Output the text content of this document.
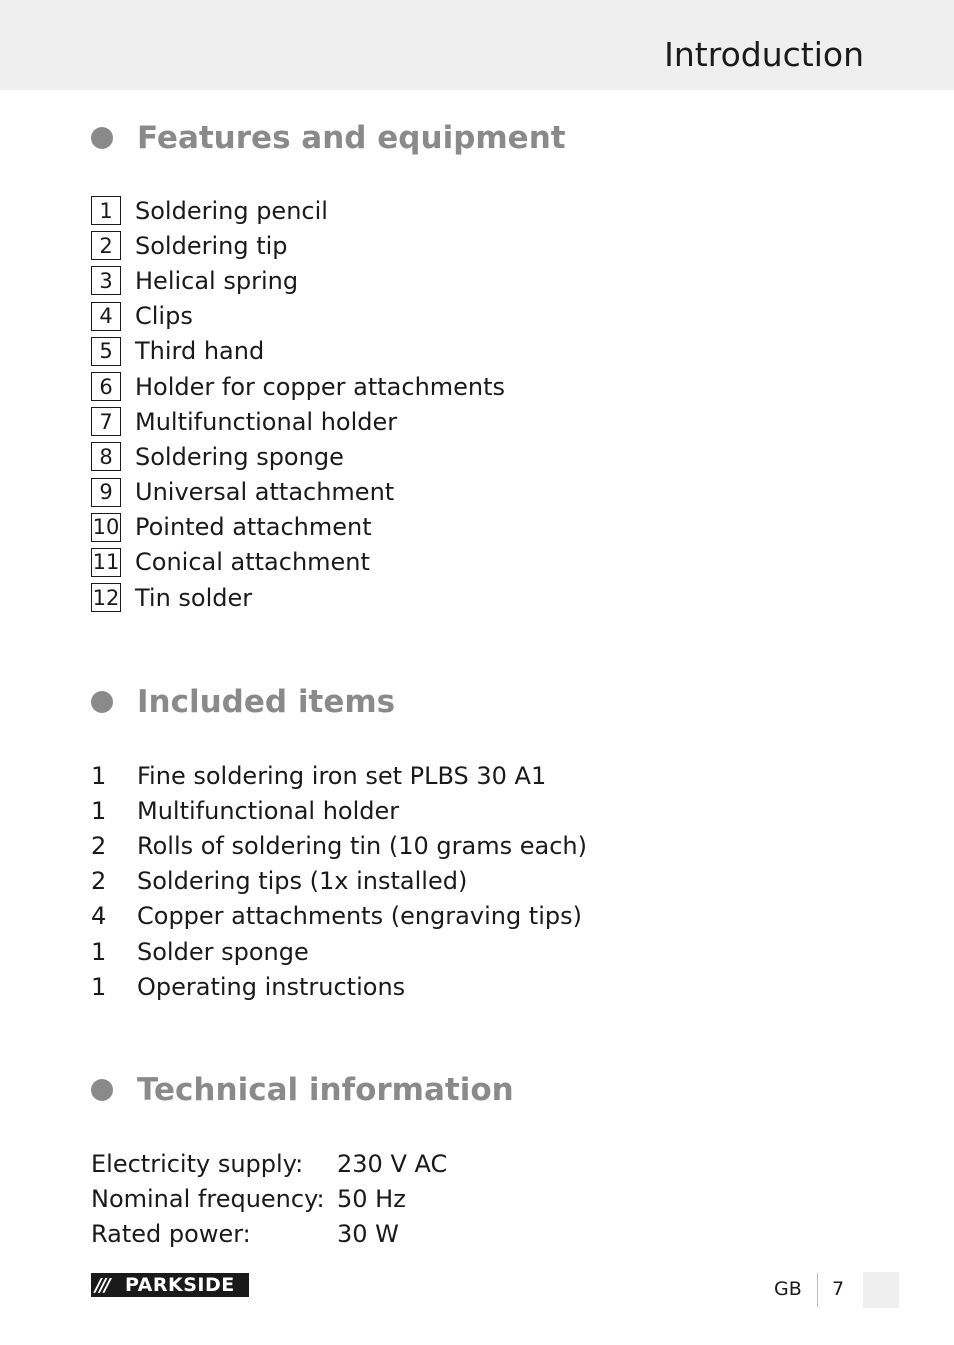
Introduction
Features and equipment
1 Soldering pencil
2 Soldering tip
3 Helical spring
4 Clips
5 Third hand
6 Holder for copper attachments
7 Multifunctional holder
8 Soldering sponge
9 Universal attachment
10 Pointed attachment
11 Conical attachment
12 Tin solder
Included items
1	Fine soldering iron set PLBS 30 A1
1	Multifunctional holder
2	Rolls of soldering tin (10 grams each)
2	Soldering tips (1x installed)
4	Copper attachments (engraving tips)
1	Solder sponge
1	Operating instructions
Technical information
Electricity supply:	230 V AC
Nominal frequency: 50 Hz
Rated power:	30 W
/// PARKSIDE	GB 7
